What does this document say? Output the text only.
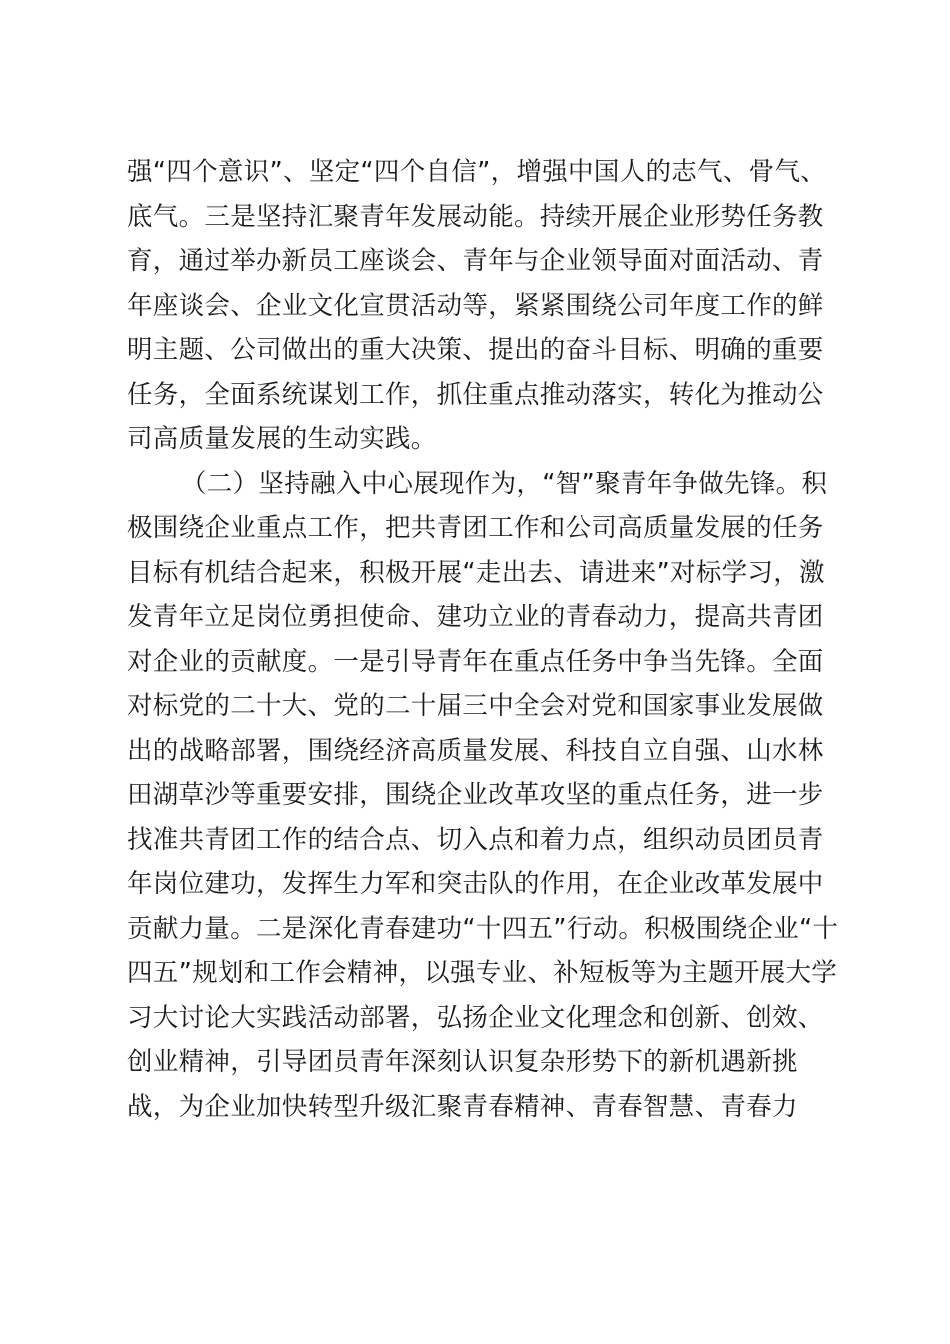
强“四个意识”、坚定“四个自信”，增强中国人的志气、骨气、
底气。三是坚持汇聚青年发展动能。持续开展企业形势任务教
育，通过举办新员工座谈会、青年与企业领导面对面活动、青
年座谈会、企业文化宣贯活动等，紧紧围绕公司年度工作的鲜
明主题、公司做出的重大决策、提出的奋斗目标、明确的重要
任务，全面系统谋划工作，抓住重点推动落实，转化为推动公
司高质量发展的生动实践。
（二）坚持融入中心展现作为，“智”聚青年争做先锋。积
极围绕企业重点工作，把共青团工作和公司高质量发展的任务
目标有机结合起来，积极开展“走出去、请进来”对标学习，激
发青年立足岗位勇担使命、建功立业的青春动力，提高共青团
对企业的贡献度。一是引导青年在重点任务中争当先锋。全面
对标党的二十大、党的二十届三中全会对党和国家事业发展做
出的战略部署，围绕经济高质量发展、科技自立自强、山水林
田湖草沙等重要安排，围绕企业改革攻坚的重点任务，进一步
找准共青团工作的结合点、切入点和着力点，组织动员团员青
年岗位建功，发挥生力军和突击队的作用，在企业改革发展中
贡献力量。二是深化青春建功“十四五”行动。积极围绕企业“十
四五”规划和工作会精神，以强专业、补短板等为主题开展大学
习大讨论大实践活动部署，弘扬企业文化理念和创新、创效、
创业精神，引导团员青年深刻认识复杂形势下的新机遇新挑
战，为企业加快转型升级汇聚青春精神、青春智慧、青春力
